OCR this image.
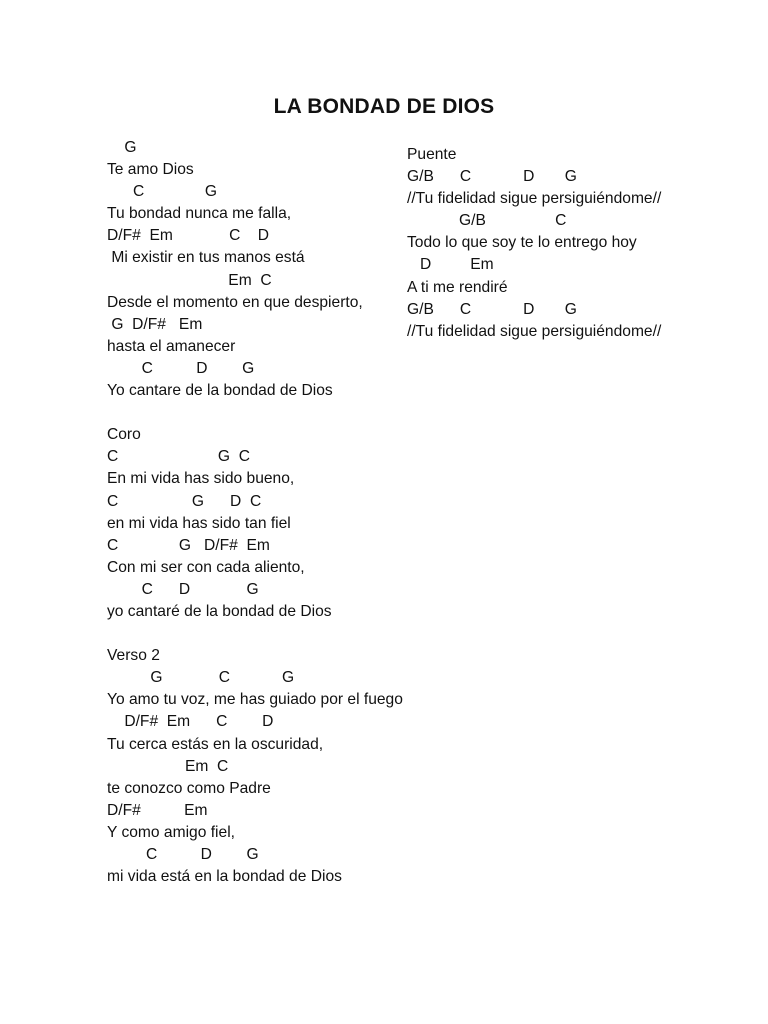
LA BONDAD DE DIOS
G
Te amo Dios
C              G
Tu bondad nunca me falla,
D/F#  Em             C    D
Mi existir en tus manos está
Em  C
Desde el momento en que despierto,
G  D/F#   Em
hasta el amanecer
C          D        G
Yo cantare de la bondad de Dios
Coro
C                       G  C
En mi vida has sido bueno,
C                 G      D  C
en mi vida has sido tan fiel
C              G   D/F#  Em
Con mi ser con cada aliento,
C      D             G
yo cantaré de la bondad de Dios
Verso 2
G             C            G
Yo amo tu voz, me has guiado por el fuego
D/F#  Em      C        D
Tu cerca estás en la oscuridad,
Em  C
te conozco como Padre
D/F#          Em
Y como amigo fiel,
C          D        G
mi vida está en la bondad de Dios
Puente
G/B      C            D       G
//Tu fidelidad sigue persiguiéndome//
G/B                C
Todo lo que soy te lo entrego hoy
D         Em
A ti me rendiré
G/B      C            D       G
//Tu fidelidad sigue persiguiéndome//
